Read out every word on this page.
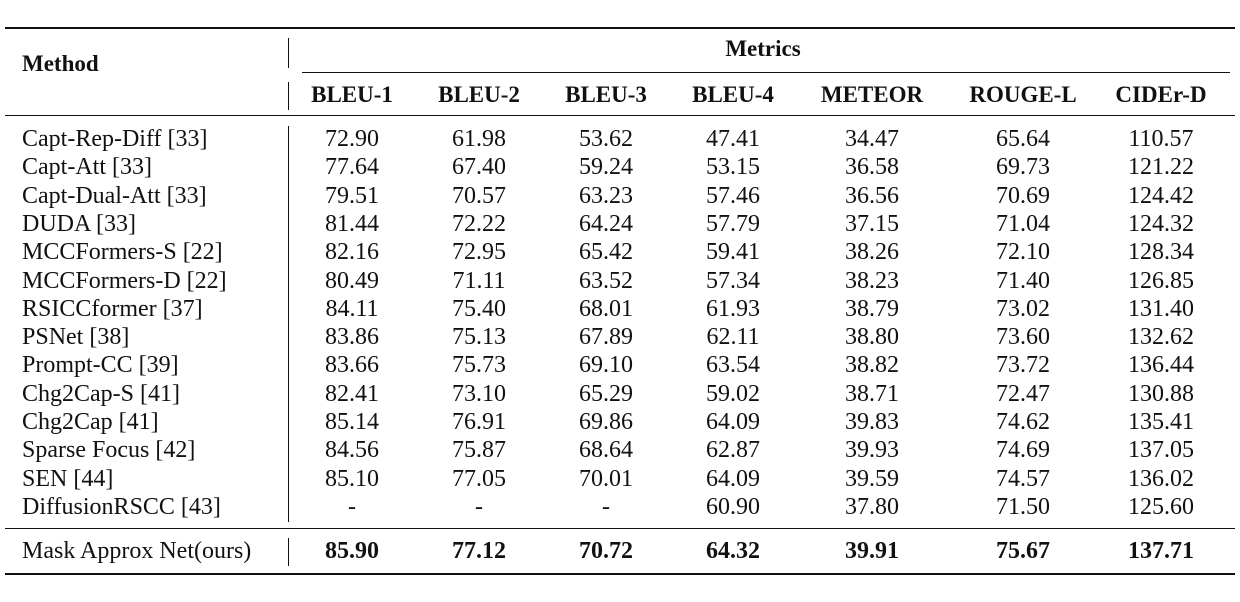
Method
Metrics
BLEU-1 BLEU-2 BLEU-3 BLEU-4 METEOR ROUGE-L CIDEr-D
Capt-Rep-Diff [33]	72.90	61.98	53.62	47.41	34.47	65.64	110.57
Capt-Att [33]	77.64	67.40	59.24	53.15	36.58	69.73	121.22
Capt-Dual-Att [33]	79.51	70.57	63.23	57.46	36.56	70.69	124.42
DUDA [33]	81.44	72.22	64.24	57.79	37.15	71.04	124.32
MCCFormers-S [22]	82.16	72.95	65.42	59.41	38.26	72.10	128.34
MCCFormers-D [22]	80.49	71.11	63.52	57.34	38.23	71.40	126.85
RSICCformer [37]	84.11	75.40	68.01	61.93	38.79	73.02	131.40
PSNet [38]	83.86	75.13	67.89	62.11	38.80	73.60	132.62
Prompt-CC [39]	83.66	75.73	69.10	63.54	38.82	73.72	136.44
Chg2Cap-S [41]	82.41	73.10	65.29	59.02	38.71	72.47	130.88
Chg2Cap [41]	85.14	76.91	69.86	64.09	39.83	74.62	135.41
Sparse Focus [42]	84.56	75.87	68.64	62.87	39.93	74.69	137.05
SEN [44]	85.10	77.05	70.01	64.09	39.59	74.57	136.02
DiffusionRSCC [43]	-	-	-	60.90	37.80	71.50	125.60
Mask Approx Net(ours)	85.90	77.12	70.72	64.32	39.91	75.67	137.71
